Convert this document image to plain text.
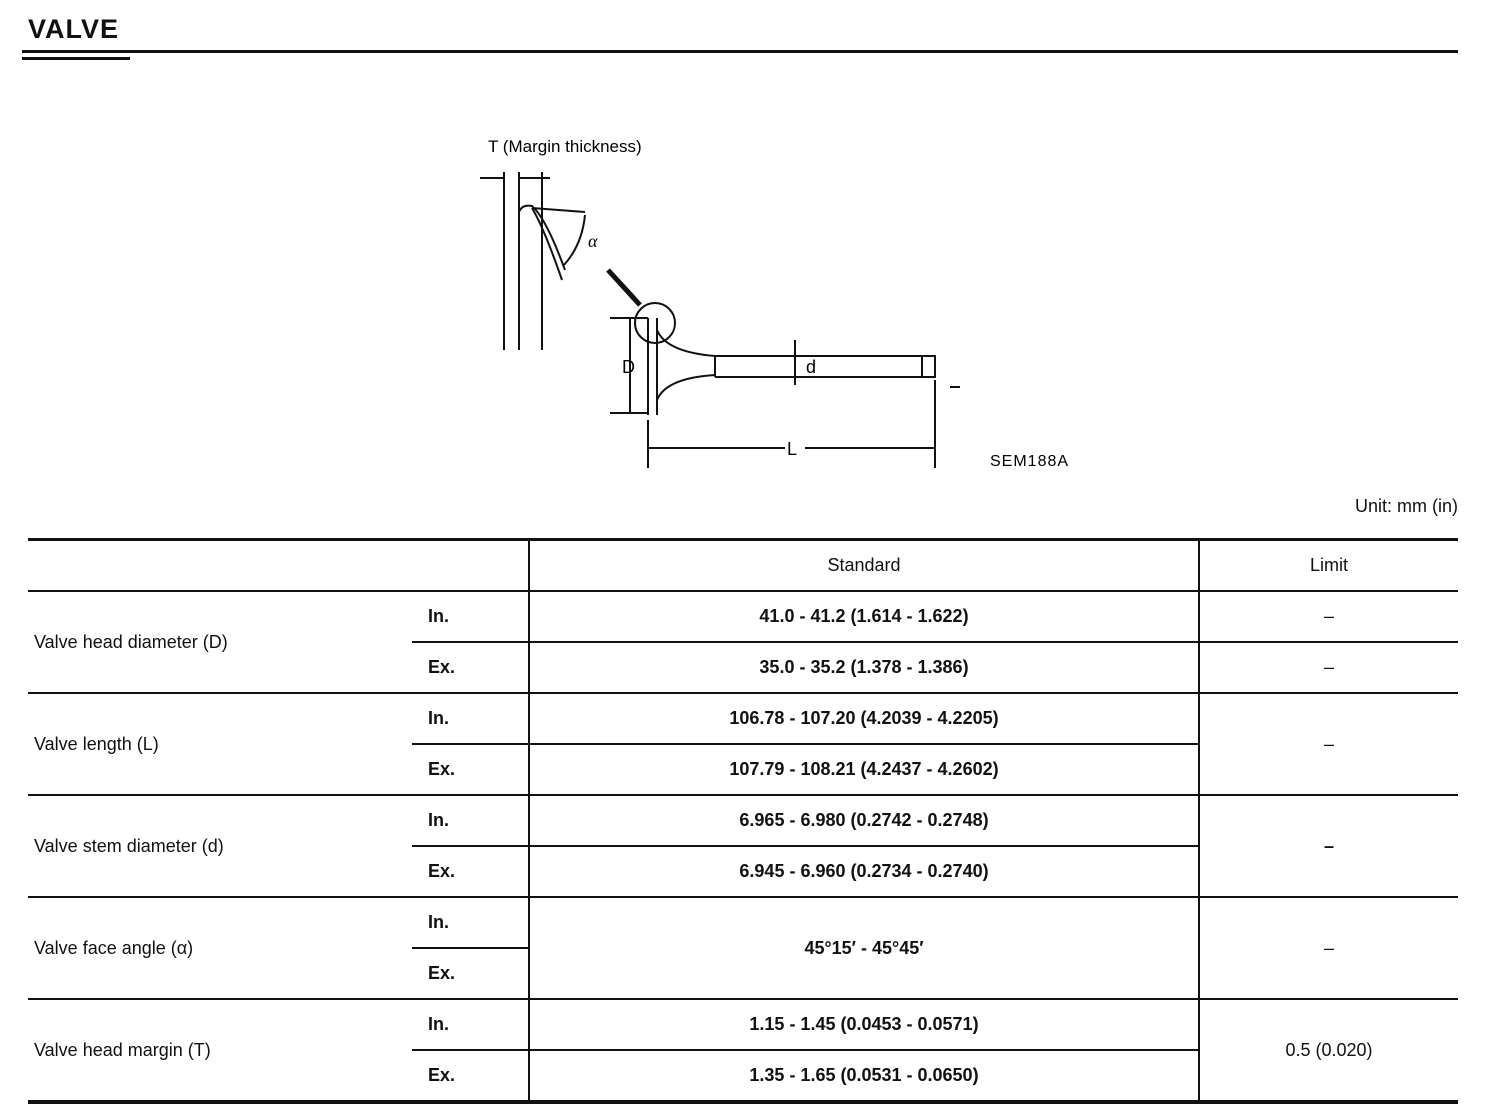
VALVE
T (Margin thickness)
α
d
D
L
SEM188A
Unit: mm (in)
		Standard	Limit
Valve head diameter (D)	In.	41.0 - 41.2 (1.614 - 1.622)	–
	Ex.	35.0 - 35.2 (1.378 - 1.386)	–
Valve length (L)	In.	106.78 - 107.20 (4.2039 - 4.2205)	–
	Ex.	107.79 - 108.21 (4.2437 - 4.2602)	
Valve stem diameter (d)	In.	6.965 - 6.980 (0.2742 - 0.2748)	–
	Ex.	6.945 - 6.960 (0.2734 - 0.2740)	
Valve face angle (α)	In.	45°15′ - 45°45′	–
	Ex.		
Valve head margin (T)	In.	1.15 - 1.45 (0.0453 - 0.0571)	0.5 (0.020)
	Ex.	1.35 - 1.65 (0.0531 - 0.0650)	
